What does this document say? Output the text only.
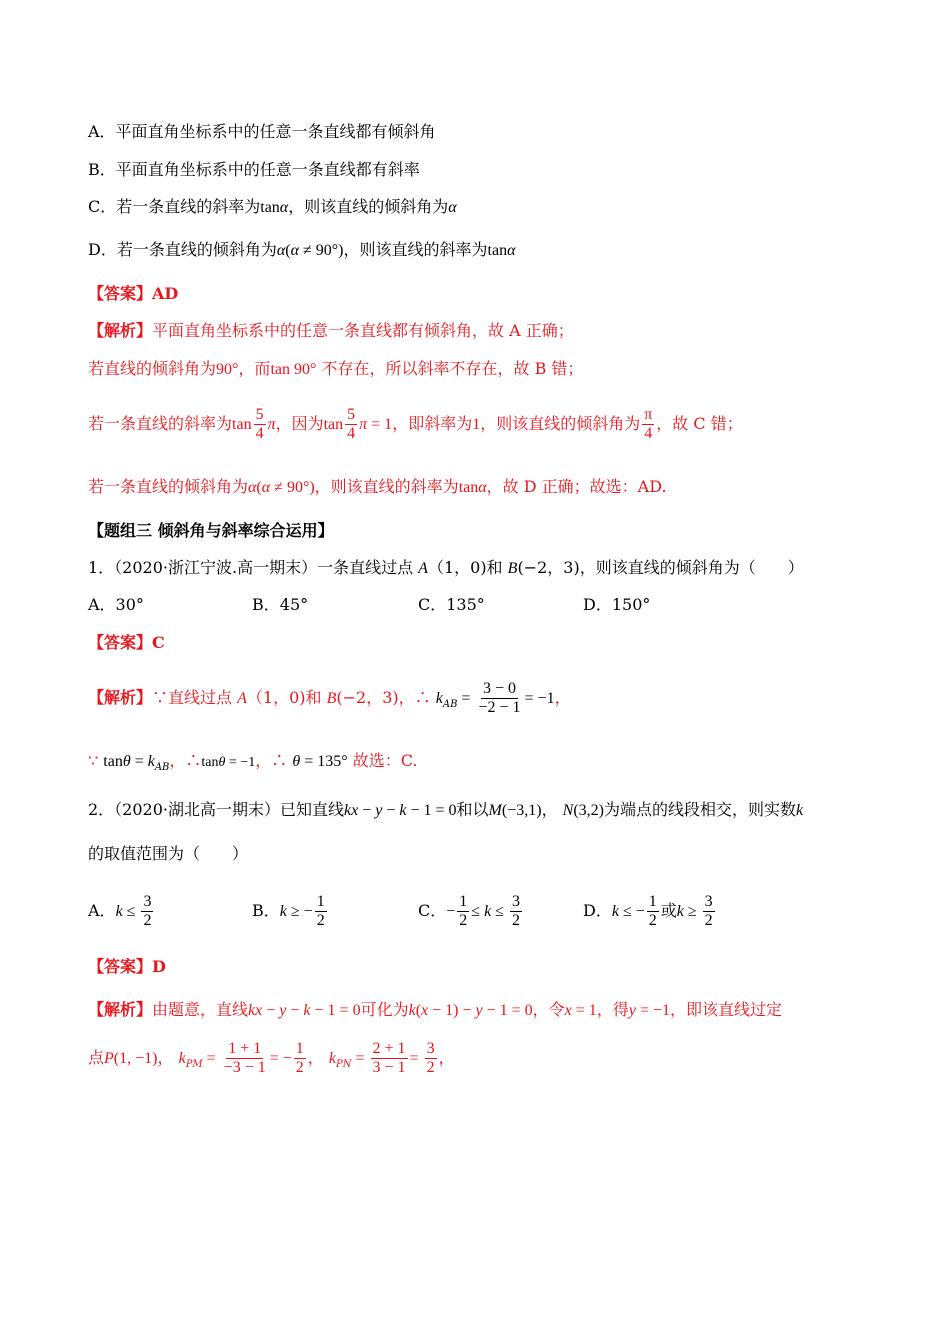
A．平面直角坐标系中的任意一条直线都有倾斜角
B．平面直角坐标系中的任意一条直线都有斜率
C．若一条直线的斜率为tanα，则该直线的倾斜角为α
D．若一条直线的倾斜角为α(α ≠ 90°)，则该直线的斜率为tanα
【答案】AD
【解析】平面直角坐标系中的任意一条直线都有倾斜角，故 A 正确；
若直线的倾斜角为90°，而tan 90° 不存在，所以斜率不存在，故 B 错；
若一条直线的斜率为$\tan \frac{5}{4}$ π，因为$\tan \frac{5}{4}$ π = 1，即斜率为1，则该直线的倾斜角为 $\frac{\pi}{4}$ ，故 C 错；
若一条直线的倾斜角为α(α ≠ 90°)，则该直线的斜率为tanα，故 D 正确；故选：AD.
【题组三 倾斜角与斜率综合运用】
1．（2020·浙江宁波.高一期末）一条直线过点 A（1，0)和 B(−2，3)，则该直线的倾斜角为（　　）
A．30°	B．45°	C．135°	D．150°
【答案】C
【解析】∵直线过点 A（1，0)和 B(−2，3)，∴ $k_{AB} = \frac{3 - 0}{-2 - 1} = -1$，
∵ $\tan\theta = k_{AB}$，∴tanθ = −1，∴ θ = 135° 故选：C.
2．（2020·湖北高一期末）已知直线kx − y − k − 1 = 0和以M(−3,1)， N(3,2)为端点的线段相交，则实数k
的取值范围为（　　）
A．$k \le \frac{3}{2}$	B．k ≥ − $\frac{1}{2}$	C．− $\frac{1}{2} \le k \le \frac{3}{2}$	D．k ≤ − $\frac{1}{2}$ 或$k \ge \frac{3}{2}$
【答案】D
【解析】由题意，直线kx − y − k − 1 = 0可化为k(x − 1) − y − 1 = 0，令x = 1，得y = −1，即该直线过定
点P(1, −1)， $k_{PM} = \frac{1 + 1}{-3 - 1}$ = − $\frac{1}{2}$ ， $k_{PN} = \frac{2 + 1}{3 - 1} = \frac{3}{2}$ ，
